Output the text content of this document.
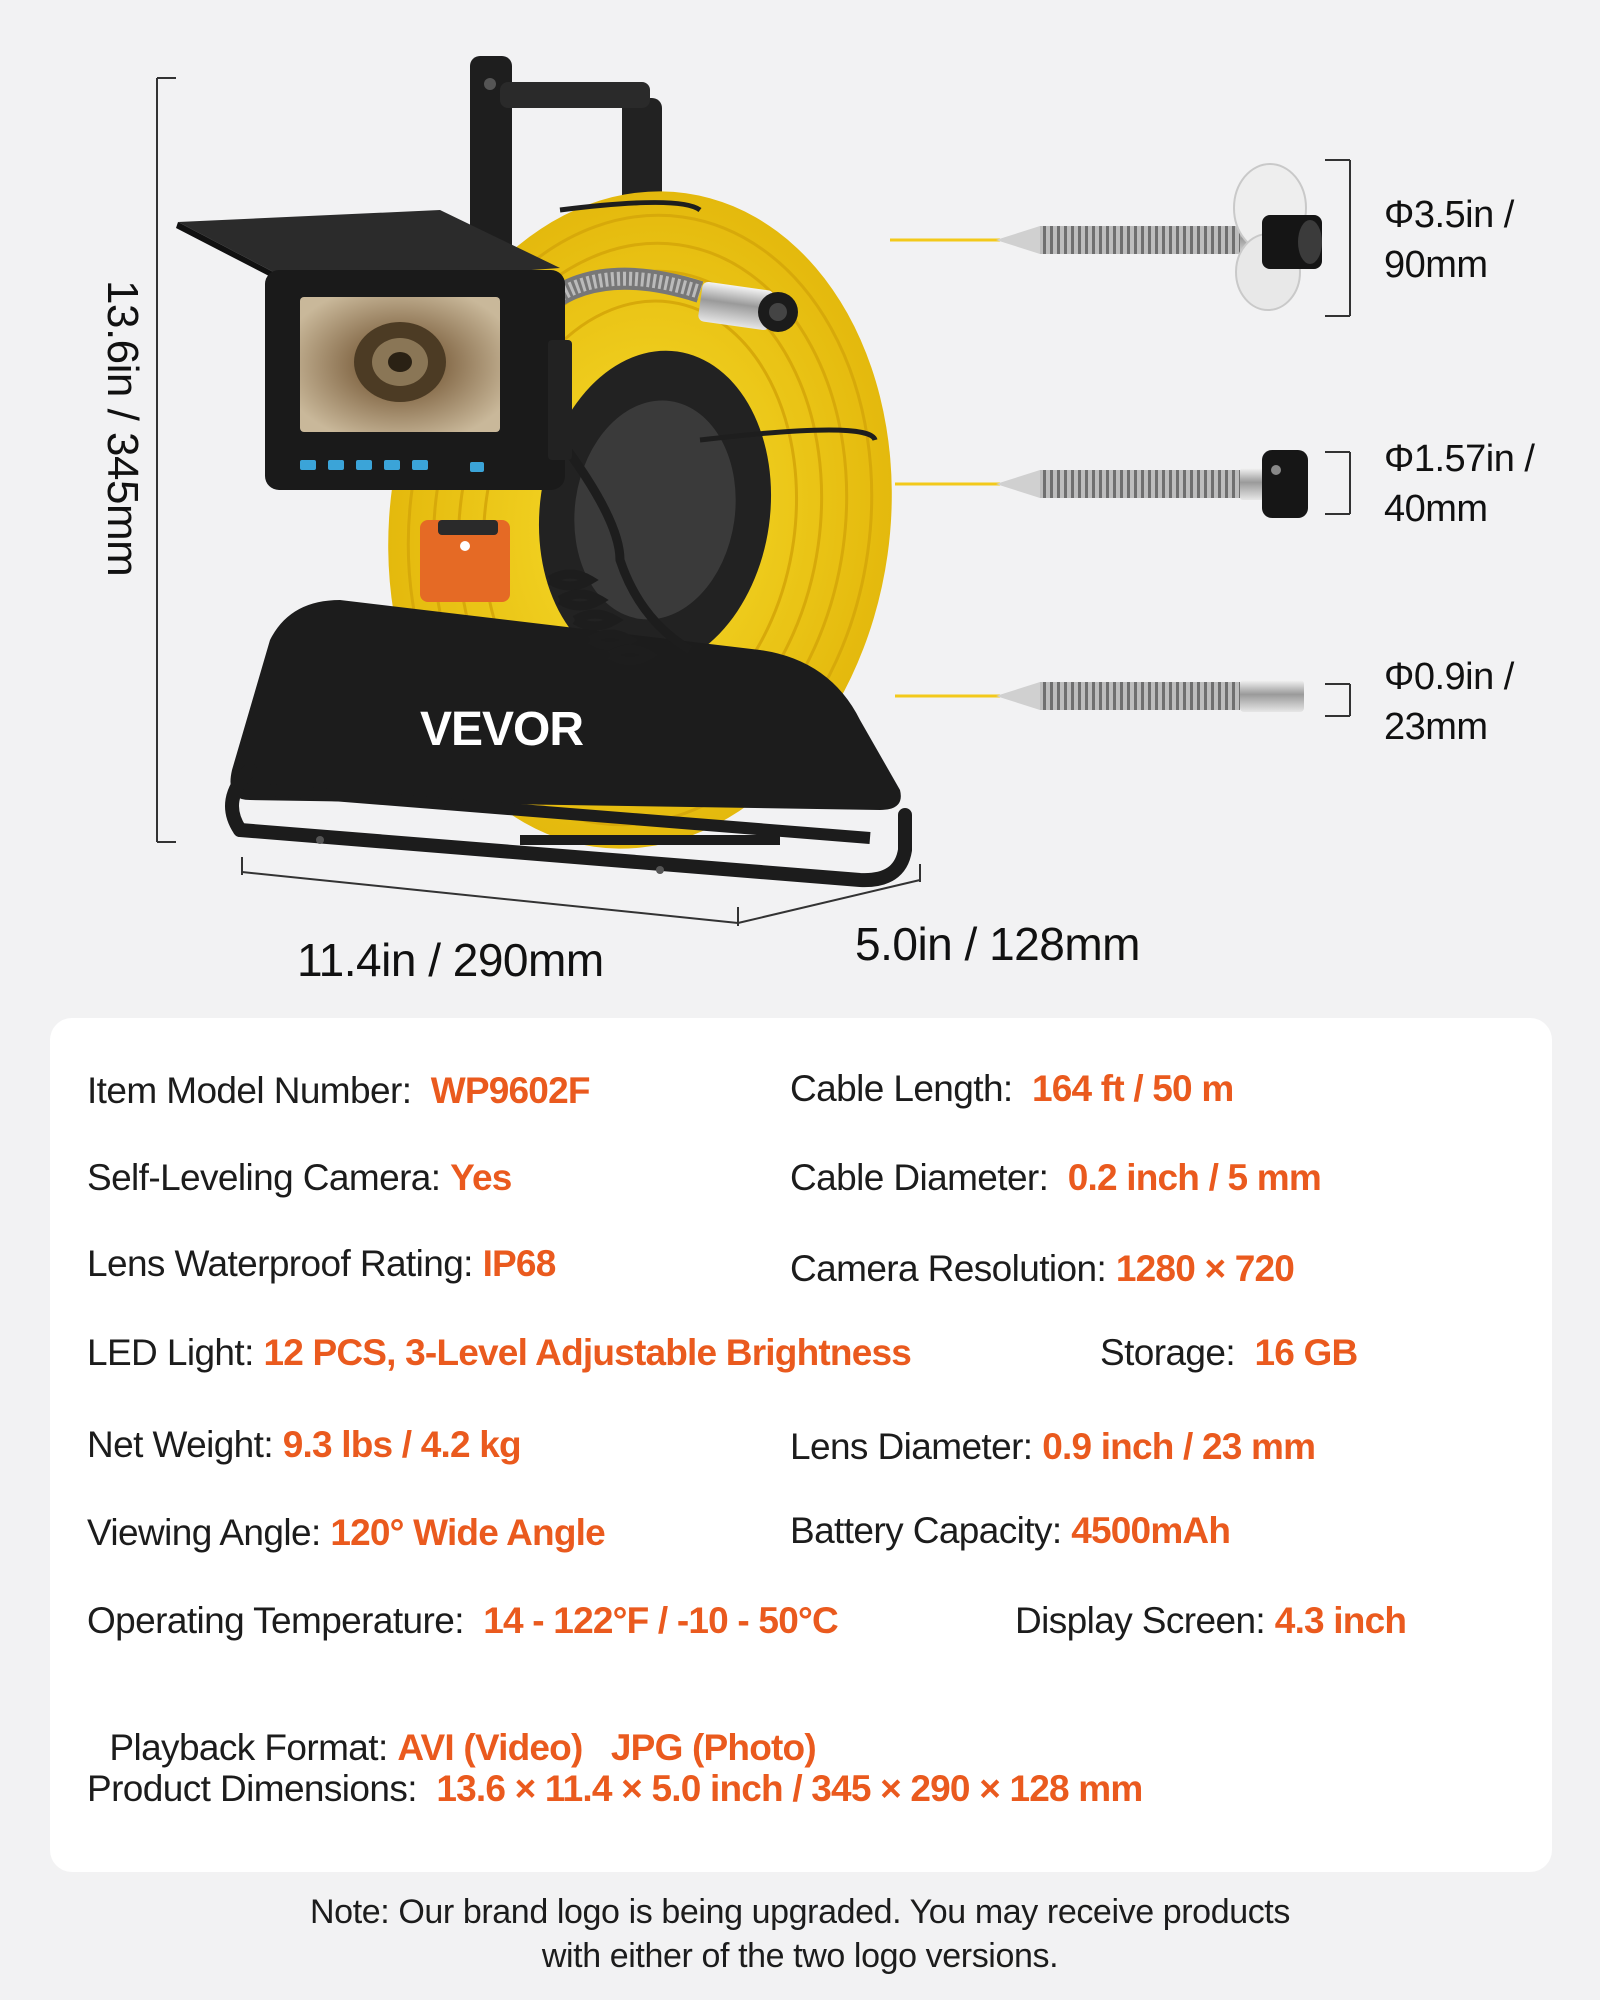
VEVOR
13.6in / 345mm
11.4in / 290mm	5.0in / 128mm
Φ3.5in /
90mm
Φ1.57in /
40mm
Φ0.9in /
23mm
Item Model Number: WP9602F	Cable Length: 164 ft / 50 m
Self-Leveling Camera: Yes	Cable Diameter: 0.2 inch / 5 mm
Lens Waterproof Rating: IP68	Camera Resolution: 1280 × 720
LED Light: 12 PCS, 3-Level Adjustable Brightness	Storage: 16 GB
Net Weight: 9.3 lbs / 4.2 kg	Lens Diameter: 0.9 inch / 23 mm
Viewing Angle: 120° Wide Angle	Battery Capacity: 4500mAh
Operating Temperature: 14 - 122°F / -10 - 50°C	Display Screen: 4.3 inch

Playback Format: AVI (Video)   JPG (Photo)

Product Dimensions: 13.6 × 11.4 × 5.0 inch / 345 × 290 × 128 mm
Note: Our brand logo is being upgraded. You may receive products
with either of the two logo versions.
